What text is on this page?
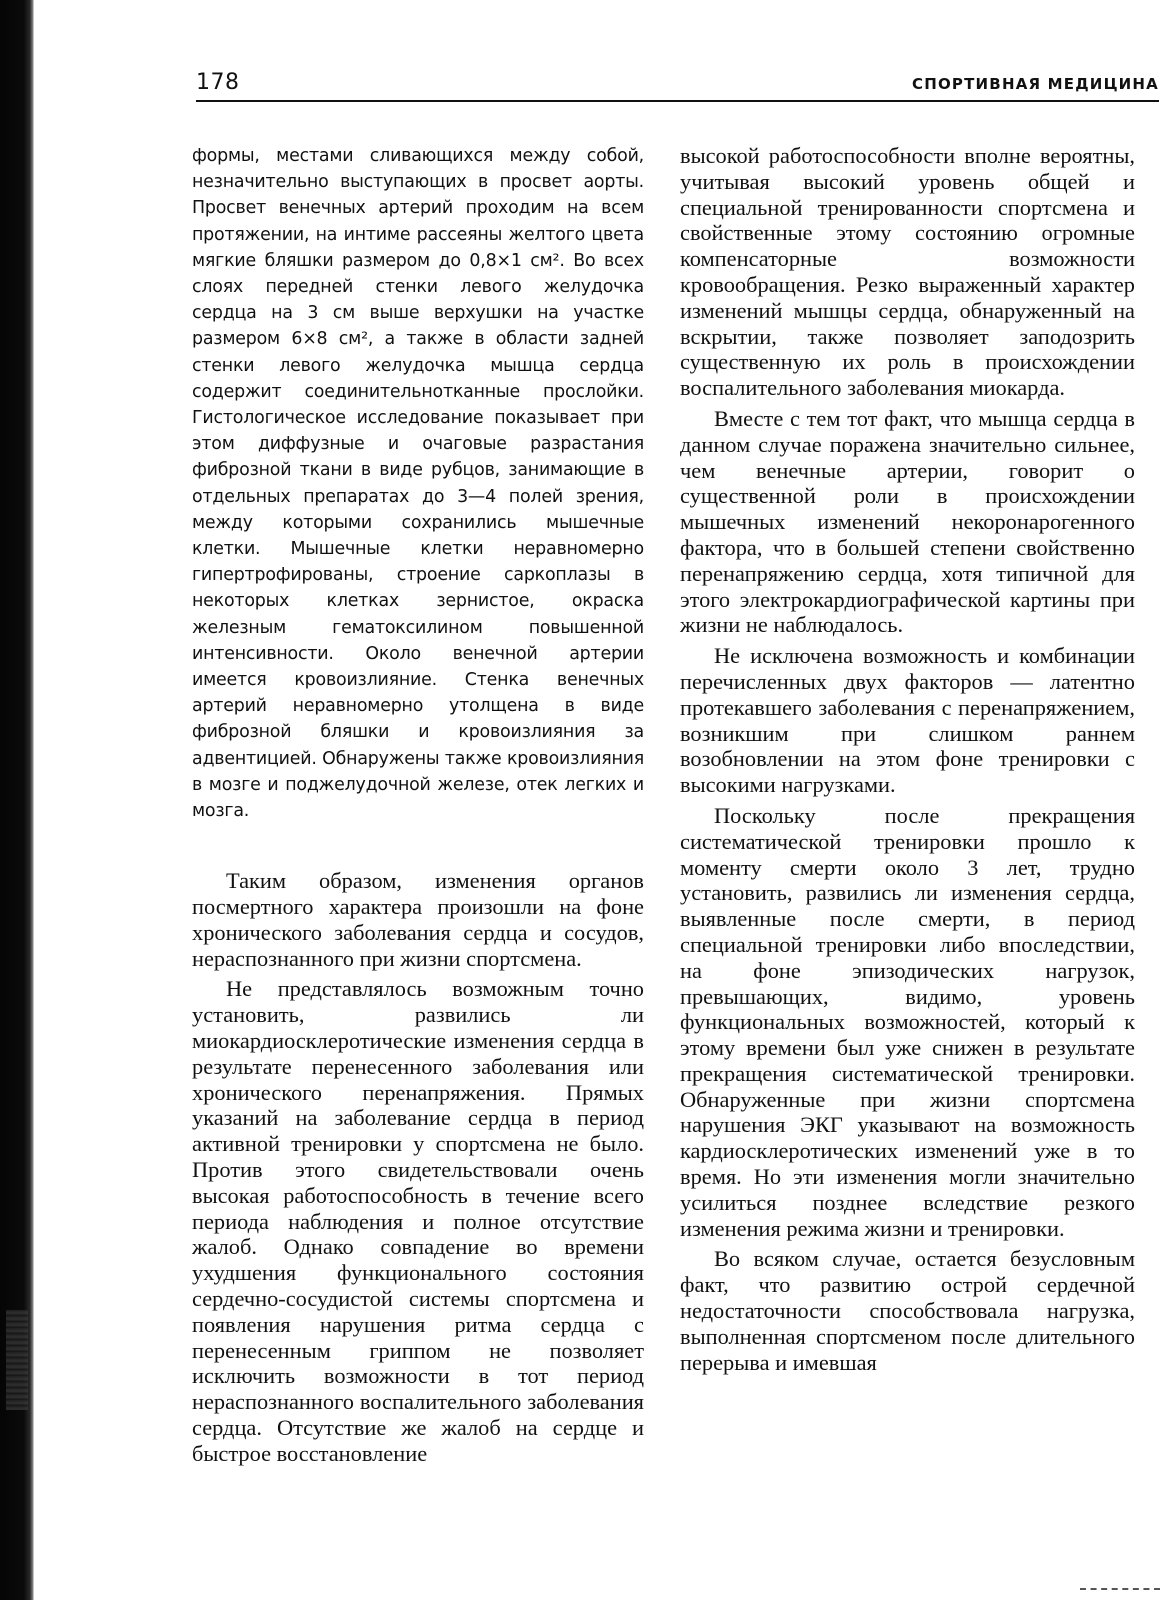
178	СПОРТИВНАЯ МЕДИЦИНА

формы, местами сливающихся между собой, незначительно выступающих в просвет аорты. Просвет венечных артерий проходим на всем протяжении, на интиме рассеяны желтого цвета мягкие бляшки размером до 0,8×1 см². Во всех слоях передней стенки левого желудочка сердца на 3 см выше верхушки на участке размером 6×8 см², а также в области задней стенки левого желудочка мышца сердца содержит соединительнотканные прослойки. Гистологическое исследование показывает при этом диффузные и очаговые разрастания фиброзной ткани в виде рубцов, занимающие в отдельных препаратах до 3—4 полей зрения, между которыми сохранились мышечные клетки. Мышечные клетки неравномерно гипертрофированы, строение саркоплазы в некоторых клетках зернистое, окраска железным гематоксилином повышенной интенсивности. Около венечной артерии имеется кровоизлияние. Стенка венечных артерий неравномерно утолщена в виде фиброзной бляшки и кровоизлияния за адвентицией. Обнаружены также кровоизлияния в мозге и поджелудочной железе, отек легких и мозга.

Таким образом, изменения органов посмертного характера произошли на фоне хронического заболевания сердца и сосудов, нераспознанного при жизни спортсмена.

Не представлялось возможным точно установить, развились ли миокардиосклеротические изменения сердца в результате перенесенного заболевания или хронического перенапряжения. Прямых указаний на заболевание сердца в период активной тренировки у спортсмена не было. Против этого свидетельствовали очень высокая работоспособность в течение всего периода наблюдения и полное отсутствие жалоб. Однако совпадение во времени ухудшения функционального состояния сердечно-сосудистой системы спортсмена и появления нарушения ритма сердца с перенесенным гриппом не позволяет исключить возможности в тот период нераспознанного воспалительного заболевания сердца. Отсутствие же жалоб на сердце и быстрое восстановление

высокой работоспособности вполне вероятны, учитывая высокий уровень общей и специальной тренированности спортсмена и свойственные этому состоянию огромные компенсаторные возможности кровообращения. Резко выраженный характер изменений мышцы сердца, обнаруженный на вскрытии, также позволяет заподозрить существенную их роль в происхождении воспалительного заболевания миокарда.

Вместе с тем тот факт, что мышца сердца в данном случае поражена значительно сильнее, чем венечные артерии, говорит о существенной роли в происхождении мышечных изменений некоронарогенного фактора, что в большей степени свойственно перенапряжению сердца, хотя типичной для этого электрокардиографической картины при жизни не наблюдалось.

Не исключена возможность и комбинации перечисленных двух факторов — латентно протекавшего заболевания с перенапряжением, возникшим при слишком раннем возобновлении на этом фоне тренировки с высокими нагрузками.

Поскольку после прекращения систематической тренировки прошло к моменту смерти около 3 лет, трудно установить, развились ли изменения сердца, выявленные после смерти, в период специальной тренировки либо впоследствии, на фоне эпизодических нагрузок, превышающих, видимо, уровень функциональных возможностей, который к этому времени был уже снижен в результате прекращения систематической тренировки. Обнаруженные при жизни спортсмена нарушения ЭКГ указывают на возможность кардиосклеротических изменений уже в то время. Но эти изменения могли значительно усилиться позднее вследствие резкого изменения режима жизни и тренировки.

Во всяком случае, остается безусловным факт, что развитию острой сердечной недостаточности способствовала нагрузка, выполненная спортсменом после длительного перерыва и имевшая
